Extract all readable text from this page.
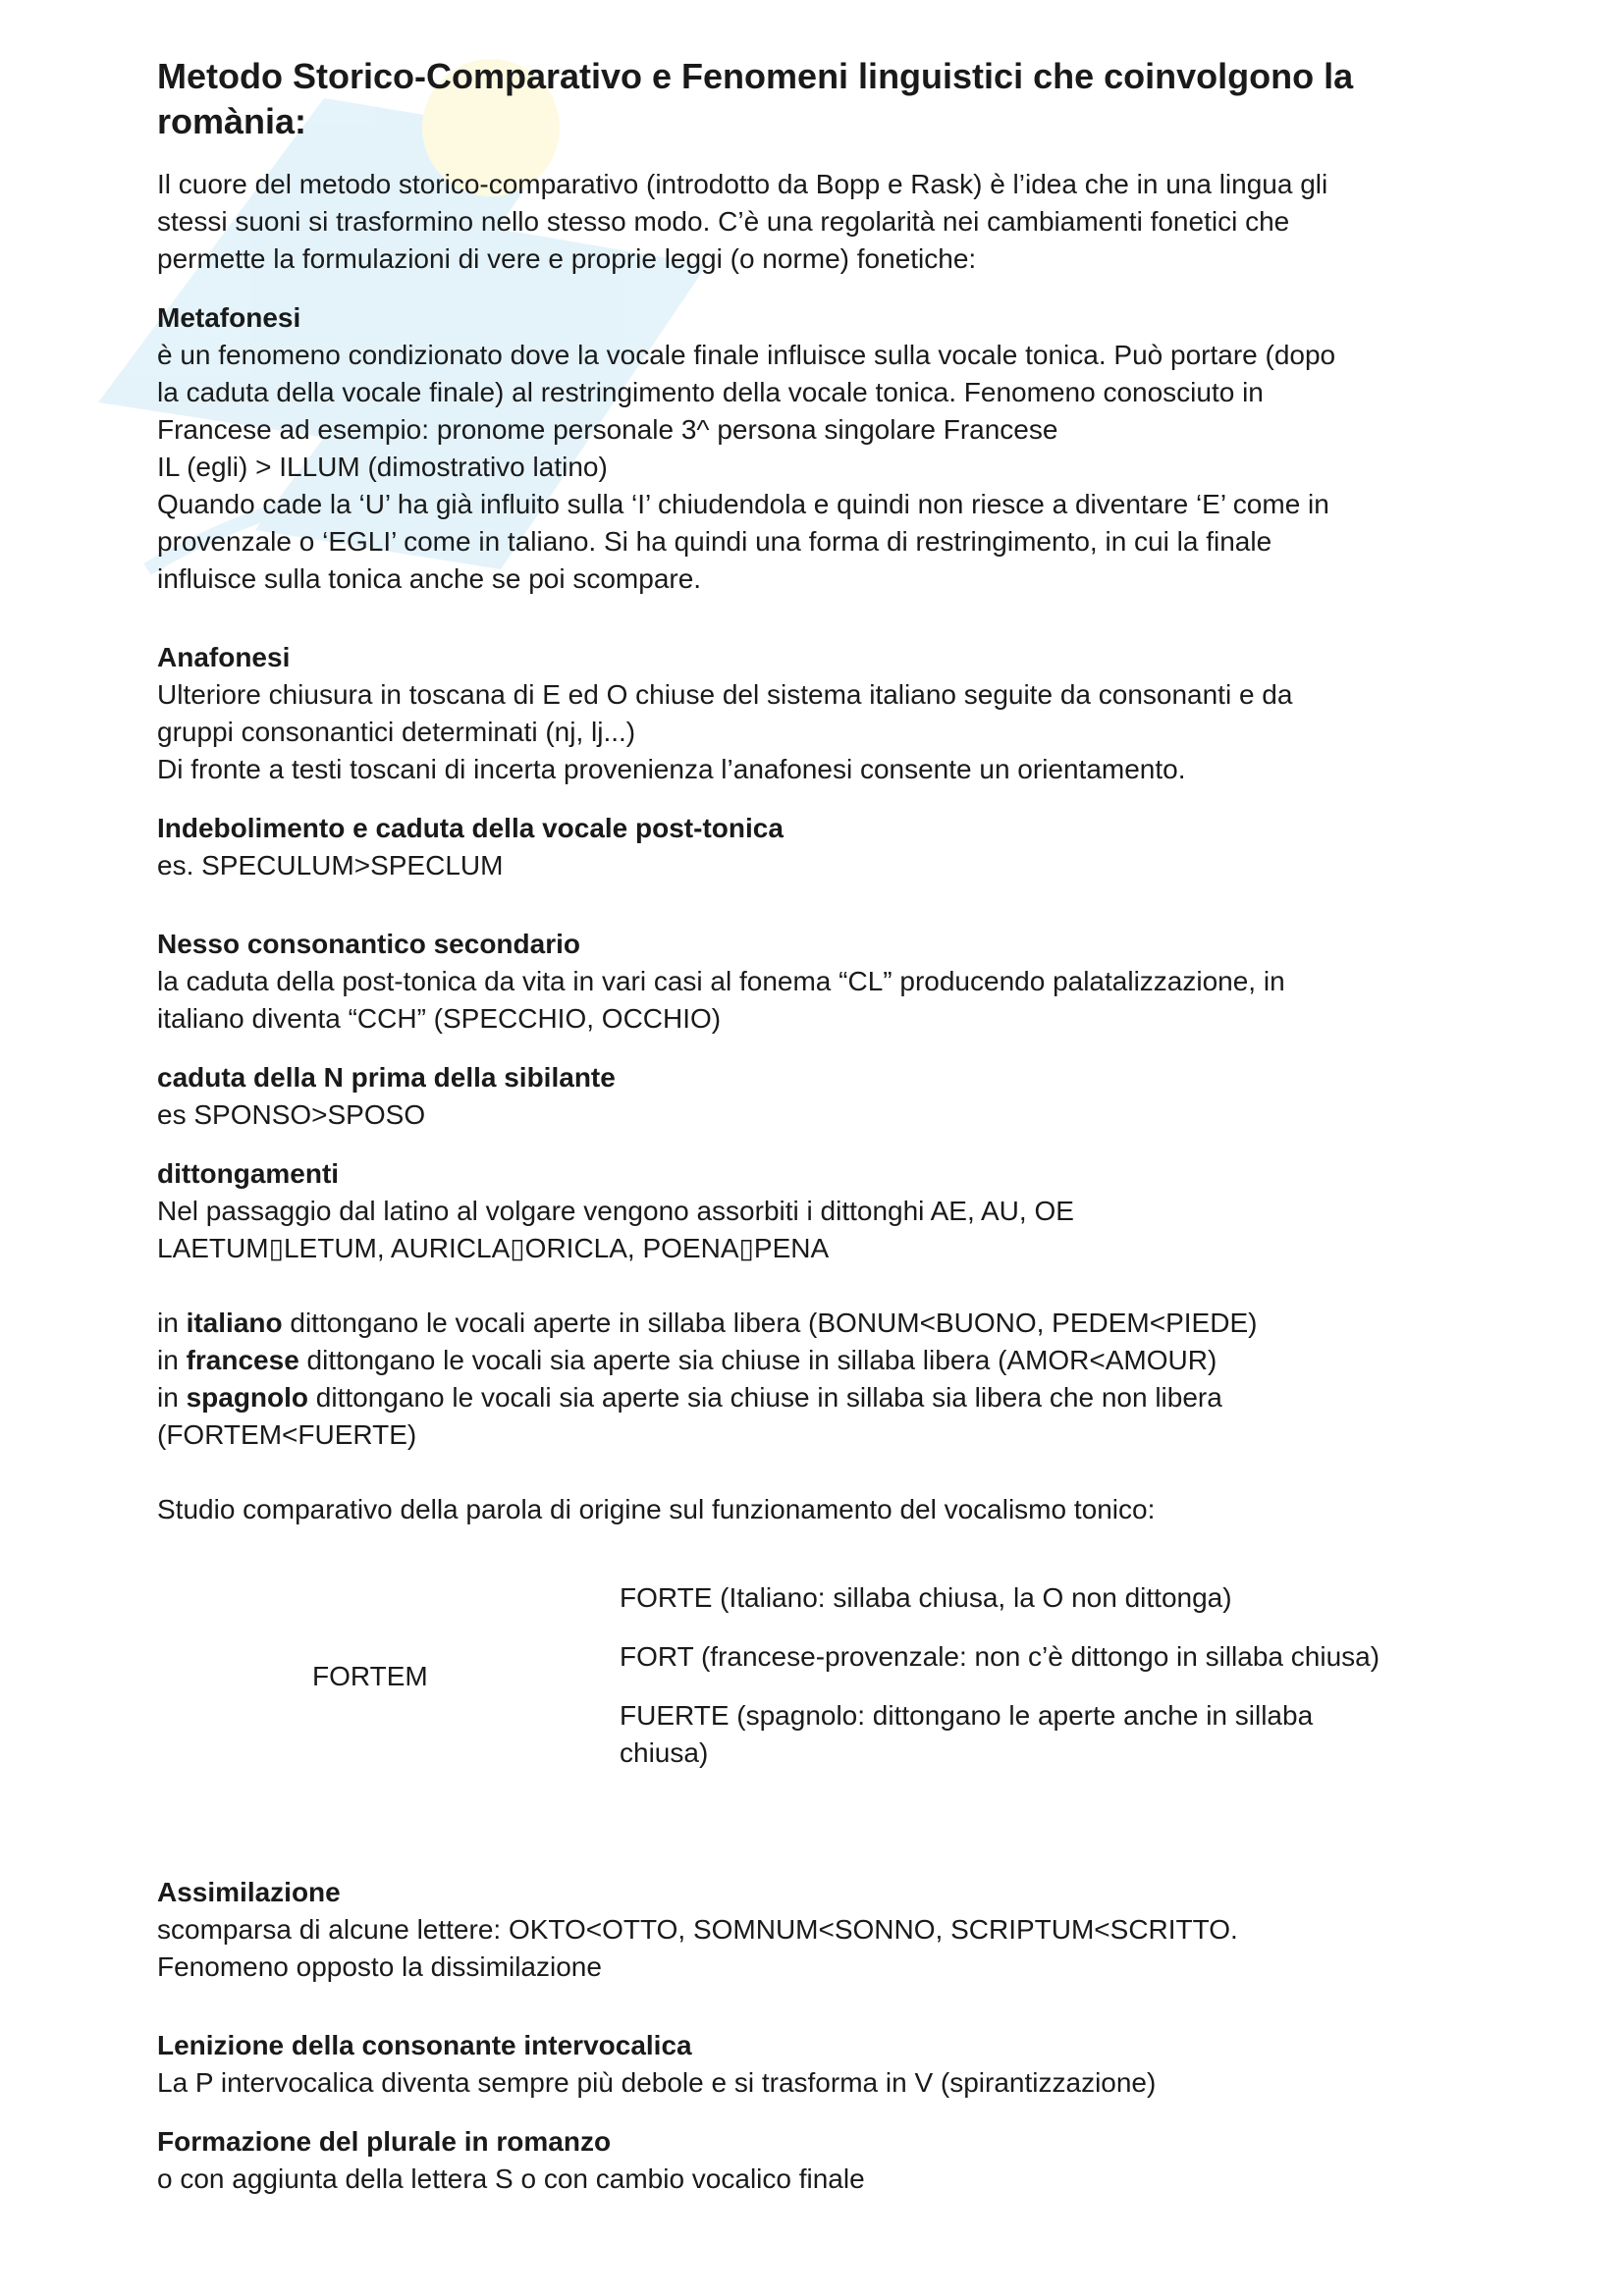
Metodo Storico-Comparativo e Fenomeni linguistici che coinvolgono la romània:
Il cuore del metodo storico-comparativo (introdotto da Bopp e Rask) è l’idea che in una lingua gli
stessi suoni si trasformino nello stesso modo. C’è una regolarità nei cambiamenti fonetici che
permette la formulazioni di vere e proprie leggi (o norme) fonetiche:
Metafonesi
è un fenomeno condizionato dove la vocale finale influisce sulla vocale tonica. Può portare (dopo
la caduta della vocale finale) al restringimento della vocale tonica. Fenomeno conosciuto in
Francese ad esempio: pronome personale 3^ persona singolare Francese
IL (egli) > ILLUM (dimostrativo latino)
Quando cade la ‘U’ ha già influito sulla ‘I’ chiudendola e quindi non riesce a diventare ‘E’ come in
provenzale o ‘EGLI’ come in taliano. Si ha quindi una forma di restringimento, in cui la finale
influisce sulla tonica anche se poi scompare.
Anafonesi
Ulteriore chiusura in toscana di E ed O chiuse del sistema italiano seguite da consonanti e da
gruppi consonantici determinati (nj, lj...)
Di fronte a testi toscani di incerta provenienza l’anafonesi consente un orientamento.
Indebolimento e caduta della vocale post-tonica
es. SPECULUM>SPECLUM
Nesso consonantico secondario
la caduta della post-tonica da vita in vari casi al fonema “CL” producendo palatalizzazione, in
italiano diventa “CCH” (SPECCHIO, OCCHIO)
caduta della N prima della sibilante
es SPONSO>SPOSO
dittongamenti
Nel passaggio dal latino al volgare vengono assorbiti i dittonghi AE, AU, OE
LAETUM▯LETUM, AURICLA▯ORICLA, POENA▯PENA
in italiano dittongano le vocali aperte in sillaba libera (BONUM<BUONO, PEDEM<PIEDE)
in francese dittongano le vocali sia aperte sia chiuse in sillaba libera (AMOR<AMOUR)
in spagnolo dittongano le vocali sia aperte sia chiuse in sillaba sia libera che non libera
(FORTEM<FUERTE)
Studio comparativo della parola di origine sul funzionamento del vocalismo tonico:
FORTEM
FORTE (Italiano: sillaba chiusa, la O non dittonga)
FORT (francese-provenzale: non c’è dittongo in sillaba chiusa)
FUERTE (spagnolo: dittongano le aperte anche in sillaba
chiusa)
Assimilazione
scomparsa di alcune lettere: OKTO<OTTO, SOMNUM<SONNO, SCRIPTUM<SCRITTO.
Fenomeno opposto la dissimilazione
Lenizione della consonante intervocalica
La P intervocalica diventa sempre più debole e si trasforma in V (spirantizzazione)
Formazione del plurale in romanzo
o con aggiunta della lettera S o con cambio vocalico finale
